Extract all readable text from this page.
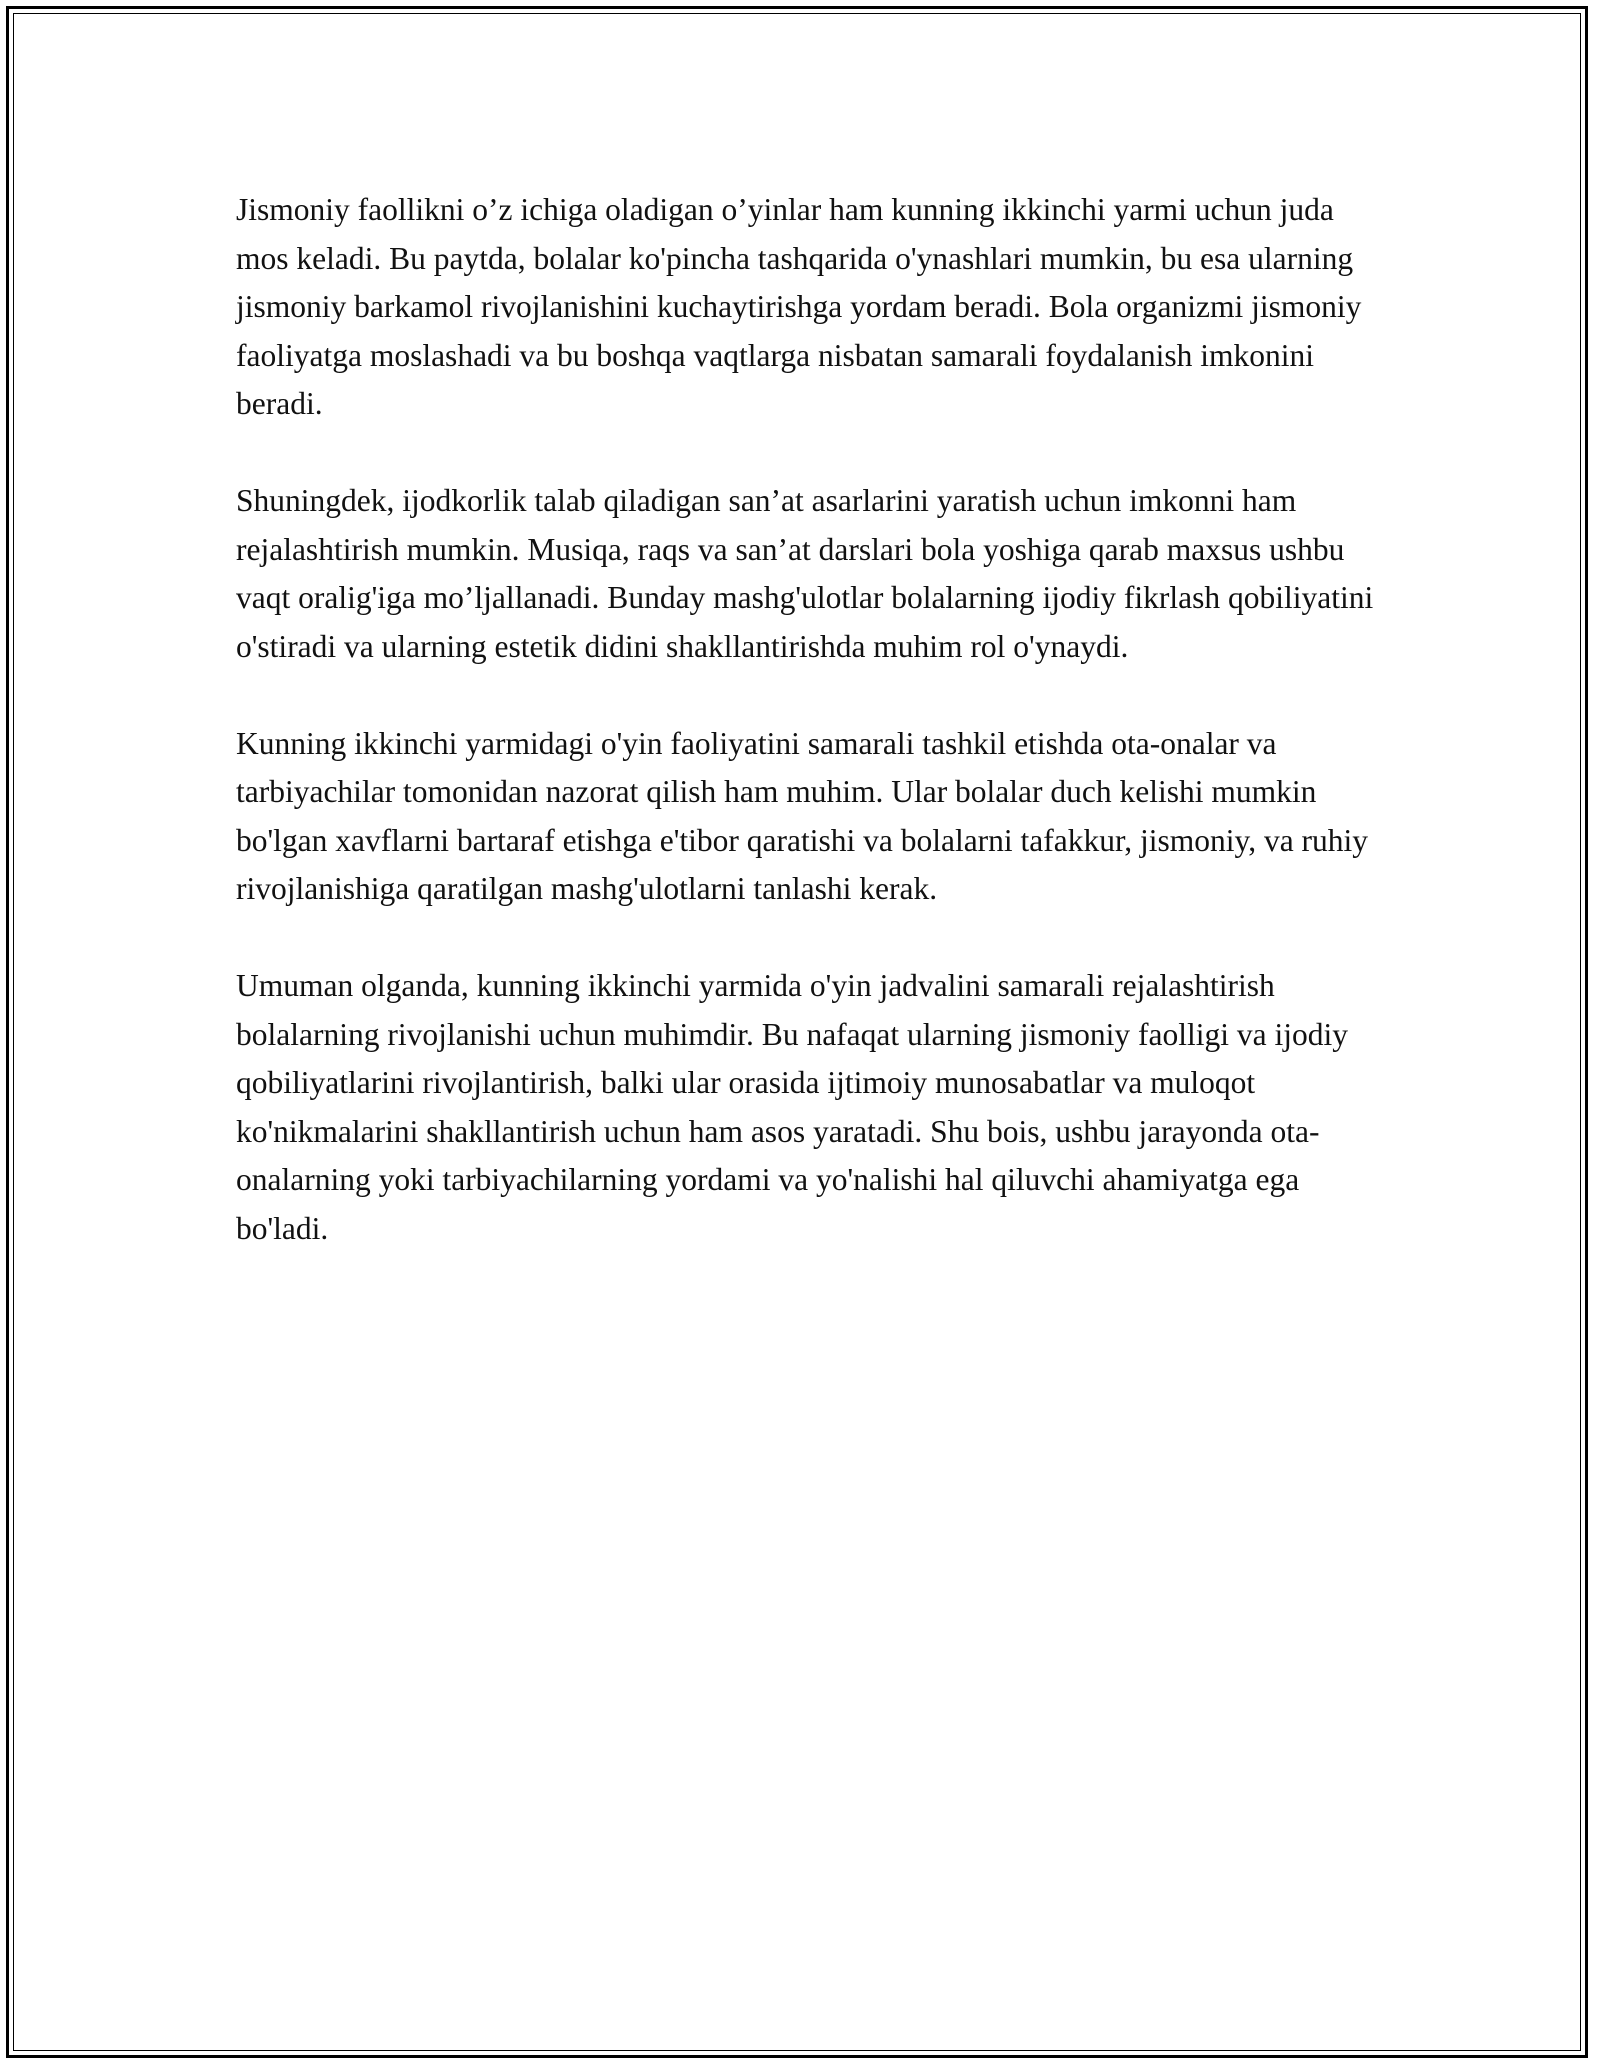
Jismoniy faollikni o’z ichiga oladigan o’yinlar ham kunning ikkinchi yarmi uchun juda mos keladi. Bu paytda, bolalar ko'pincha tashqarida o'ynashlari mumkin, bu esa ularning jismoniy barkamol rivojlanishini kuchaytirishga yordam beradi. Bola organizmi jismoniy faoliyatga moslashadi va bu boshqa vaqtlarga nisbatan samarali foydalanish imkonini beradi.

Shuningdek, ijodkorlik talab qiladigan san’at asarlarini yaratish uchun imkonni ham rejalashtirish mumkin. Musiqa, raqs va san’at darslari bola yoshiga qarab maxsus ushbu vaqt oralig'iga mo’ljallanadi. Bunday mashg'ulotlar bolalarning ijodiy fikrlash qobiliyatini o'stiradi va ularning estetik didini shakllantirishda muhim rol o'ynaydi.

Kunning ikkinchi yarmidagi o'yin faoliyatini samarali tashkil etishda ota-onalar va tarbiyachilar tomonidan nazorat qilish ham muhim. Ular bolalar duch kelishi mumkin bo'lgan xavflarni bartaraf etishga e'tibor qaratishi va bolalarni tafakkur, jismoniy, va ruhiy rivojlanishiga qaratilgan mashg'ulotlarni tanlashi kerak.

Umuman olganda, kunning ikkinchi yarmida o'yin jadvalini samarali rejalashtirish bolalarning rivojlanishi uchun muhimdir. Bu nafaqat ularning jismoniy faolligi va ijodiy qobiliyatlarini rivojlantirish, balki ular orasida ijtimoiy munosabatlar va muloqot ko'nikmalarini shakllantirish uchun ham asos yaratadi. Shu bois, ushbu jarayonda ota-onalarning yoki tarbiyachilarning yordami va yo'nalishi hal qiluvchi ahamiyatga ega bo'ladi.
